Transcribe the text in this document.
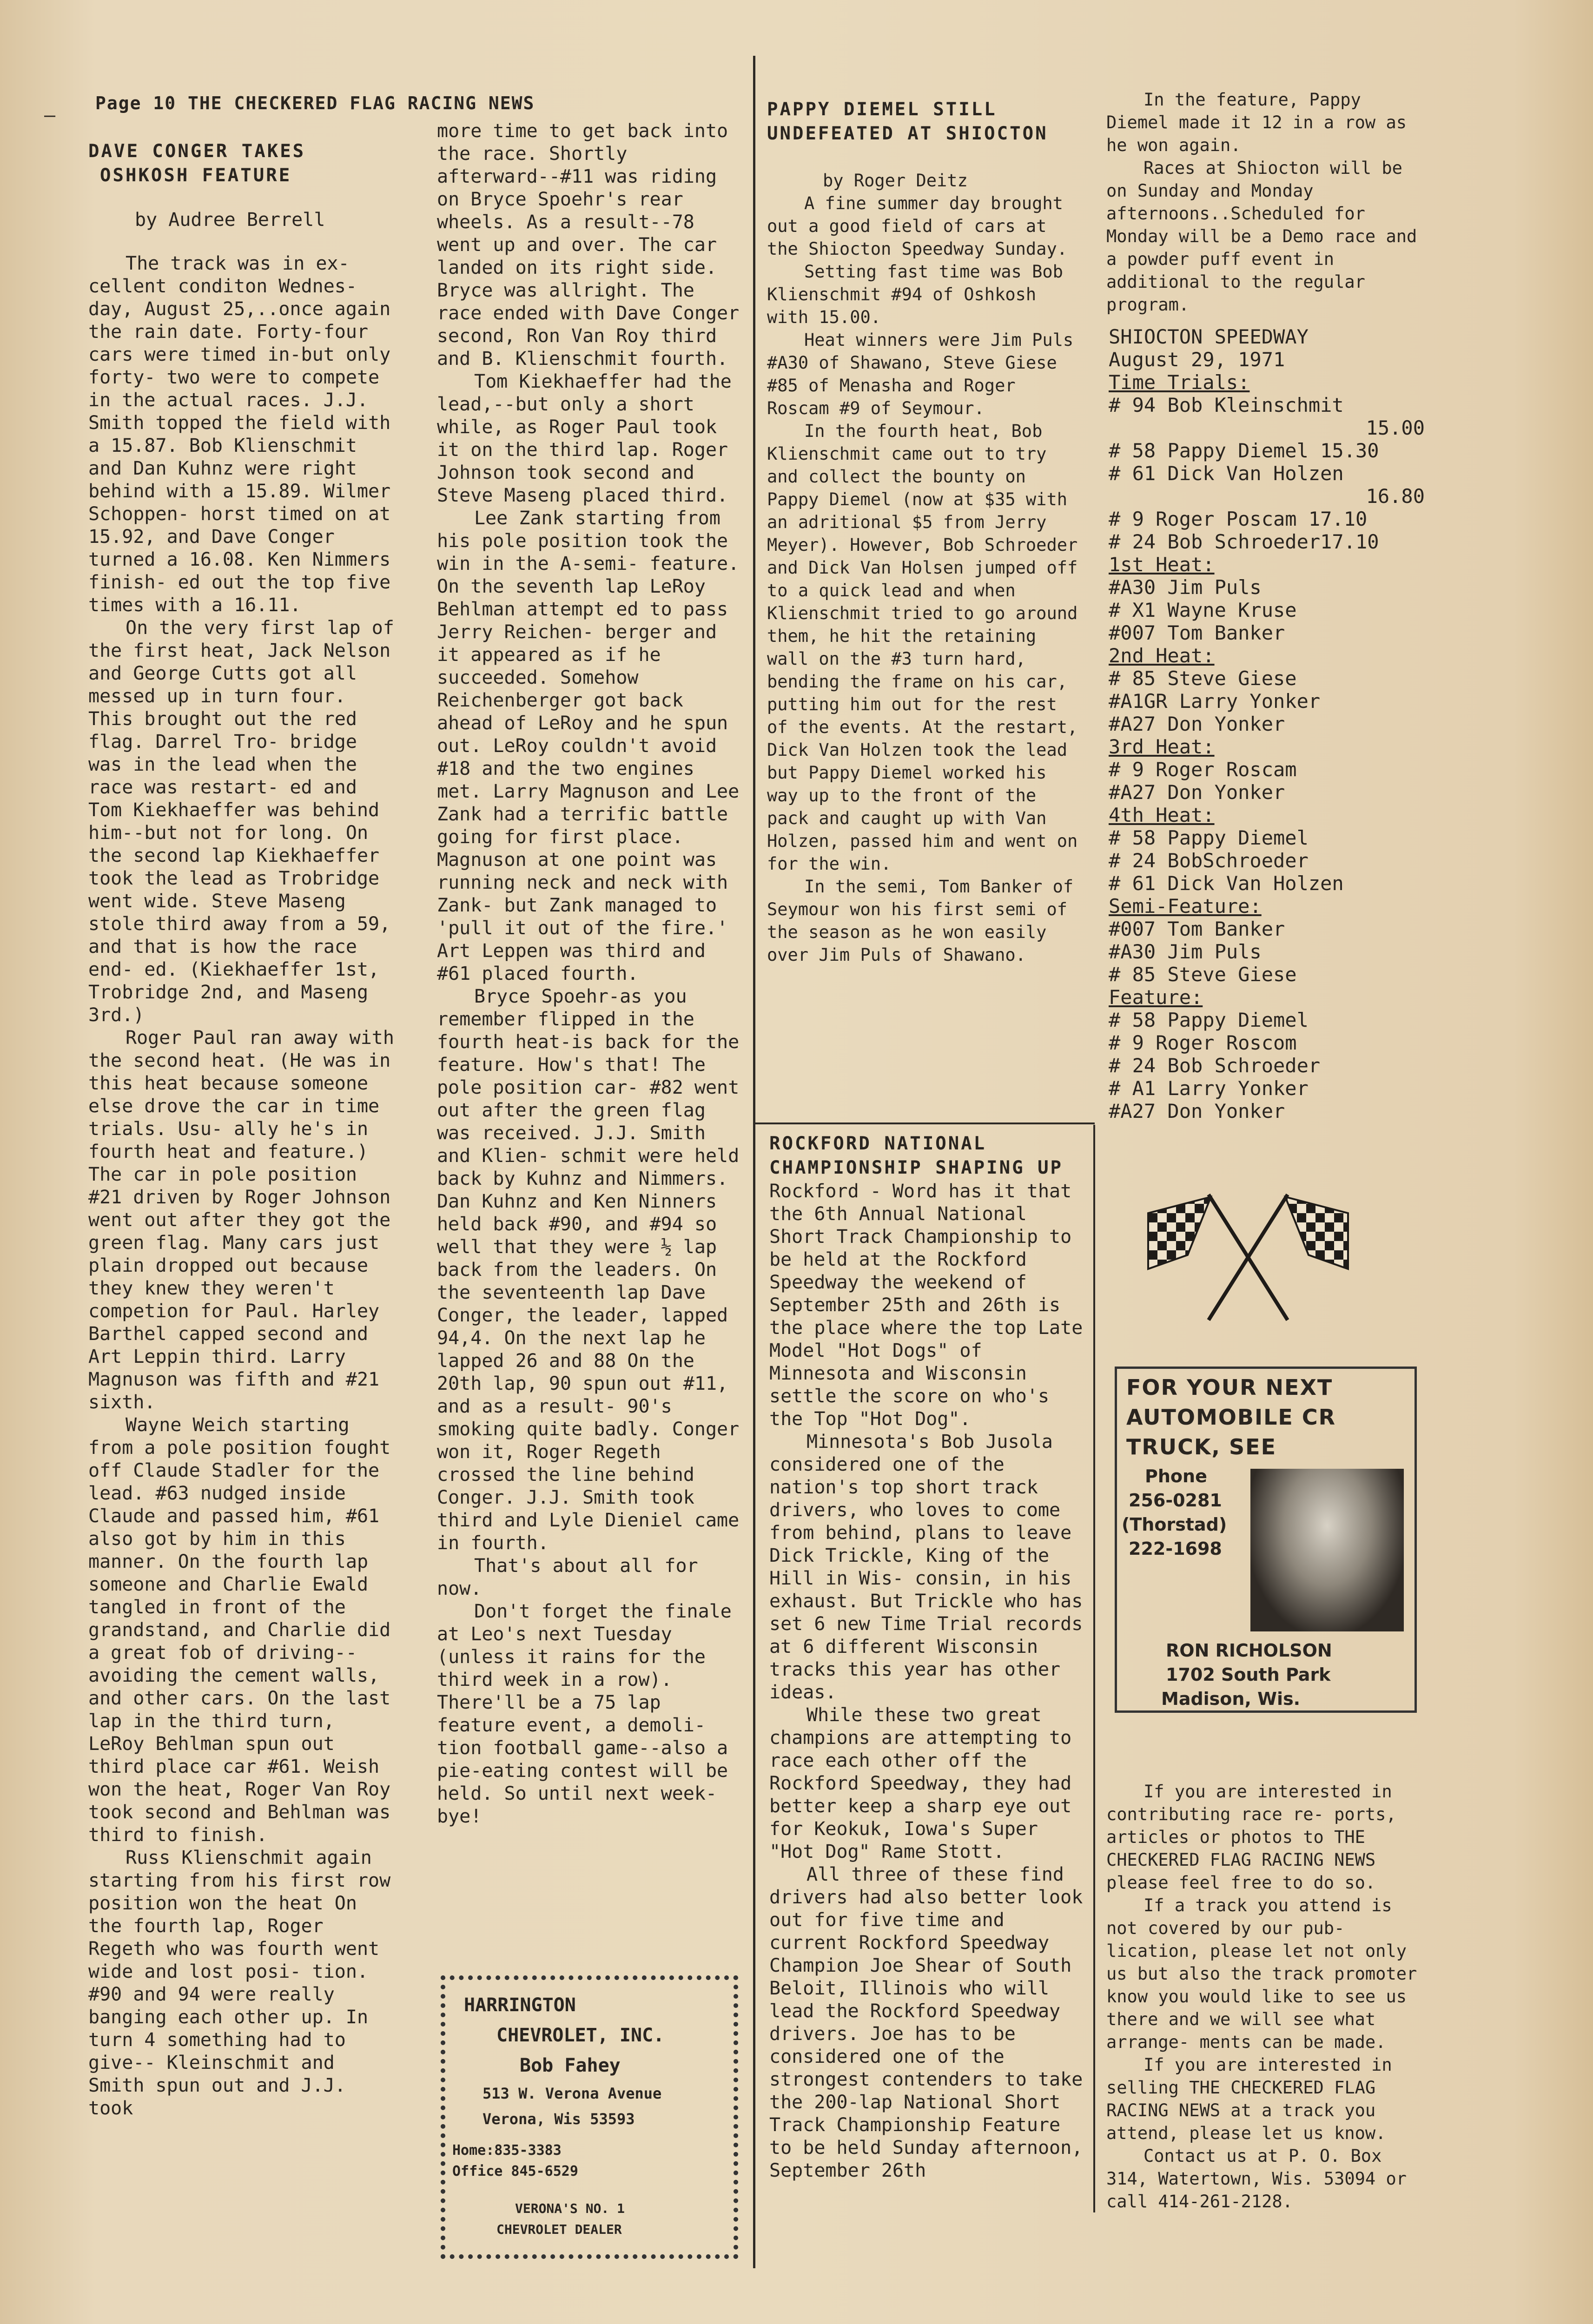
–
Page 10 THE CHECKERED FLAG RACING NEWS

DAVE CONGER TAKES

OSHKOSH FEATURE

by Audree Berrell

The track was in ex- cellent conditon Wednes- day, August 25,..once again the rain date. Forty-four cars were timed in-but only forty- two were to compete in the actual races. J.J. Smith topped the field with a 15.87. Bob Klienschmit and Dan Kuhnz were right behind with a 15.89. Wilmer Schoppen- horst timed on at 15.92, and Dave Conger turned a 16.08. Ken Nimmers finish- ed out the top five times with a 16.11.

On the very first lap of the first heat, Jack Nelson and George Cutts got all messed up in turn four. This brought out the red flag. Darrel Tro- bridge was in the lead when the race was restart- ed and Tom Kiekhaeffer was behind him--but not for long. On the second lap Kiekhaeffer took the lead as Trobridge went wide. Steve Maseng stole third away from a 59, and that is how the race end- ed. (Kiekhaeffer 1st, Trobridge 2nd, and Maseng 3rd.)

Roger Paul ran away with the second heat. (He was in this heat because someone else drove the car in time trials. Usu- ally he's in fourth heat and feature.) The car in pole position #21 driven by Roger Johnson went out after they got the green flag. Many cars just plain dropped out because they knew they weren't competion for Paul. Harley Barthel capped second and Art Leppin third. Larry Magnuson was fifth and #21 sixth.

Wayne Weich starting from a pole position fought off Claude Stadler for the lead. #63 nudged inside Claude and passed him, #61 also got by him in this manner. On the fourth lap someone and Charlie Ewald tangled in front of the grandstand, and Charlie did a great fob of driving--avoiding the cement walls, and other cars. On the last lap in the third turn, LeRoy Behlman spun out third place car #61. Weish won the heat, Roger Van Roy took second and Behlman was third to finish.

Russ Klienschmit again starting from his first row position won the heat On the fourth lap, Roger Regeth who was fourth went wide and lost posi- tion. #90 and 94 were really banging each other up. In turn 4 something had to give-- Kleinschmit and Smith spun out and J.J. took

more time to get back into the race. Shortly afterward--#11 was riding on Bryce Spoehr's rear wheels. As a result--78 went up and over. The car landed on its right side. Bryce was allright. The race ended with Dave Conger second, Ron Van Roy third and B. Klienschmit fourth.

Tom Kiekhaeffer had the lead,--but only a short while, as Roger Paul took it on the third lap. Roger Johnson took second and Steve Maseng placed third.

Lee Zank starting from his pole position took the win in the A-semi- feature. On the seventh lap LeRoy Behlman attempt ed to pass Jerry Reichen- berger and it appeared as if he succeeded. Somehow Reichenberger got back ahead of LeRoy and he spun out. LeRoy couldn't avoid #18 and the two engines met. Larry Magnuson and Lee Zank had a terrific battle going for first place. Magnuson at one point was running neck and neck with Zank- but Zank managed to 'pull it out of the fire.' Art Leppen was third and #61 placed fourth.

Bryce Spoehr-as you remember flipped in the fourth heat-is back for the feature. How's that! The pole position car- #82 went out after the green flag was received. J.J. Smith and Klien- schmit were held back by Kuhnz and Nimmers. Dan Kuhnz and Ken Ninners held back #90, and #94 so well that they were ½ lap back from the leaders. On the seventeenth lap Dave Conger, the leader, lapped 94,4. On the next lap he lapped 26 and 88 On the 20th lap, 90 spun out #11, and as a result- 90's smoking quite badly. Conger won it, Roger Regeth crossed the line behind Conger. J.J. Smith took third and Lyle Dieniel came in fourth.

That's about all for now.

Don't forget the finale at Leo's next Tuesday (unless it rains for the third week in a row). There'll be a 75 lap feature event, a demoli- tion football game--also a pie-eating contest will be held. So until next week-bye!

HARRINGTON
CHEVROLET, INC.
Bob Fahey
513 W. Verona Avenue
Verona, Wis 53593
Home:835-3383
Office 845-6529
VERONA'S NO. 1
CHEVROLET DEALER

PAPPY DIEMEL STILL

UNDEFEATED AT SHIOCTON

by Roger Deitz

A fine summer day brought out a good field of cars at the Shiocton Speedway Sunday.

Setting fast time was Bob Klienschmit #94 of Oshkosh with 15.00.

Heat winners were Jim Puls #A30 of Shawano, Steve Giese #85 of Menasha and Roger Roscam #9 of Seymour.

In the fourth heat, Bob Klienschmit came out to try and collect the bounty on Pappy Diemel (now at $35 with an adritional $5 from Jerry Meyer). However, Bob Schroeder and Dick Van Holsen jumped off to a quick lead and when Klienschmit tried to go around them, he hit the retaining wall on the #3 turn hard, bending the frame on his car, putting him out for the rest of the events. At the restart, Dick Van Holzen took the lead but Pappy Diemel worked his way up to the front of the pack and caught up with Van Holzen, passed him and went on for the win.

In the semi, Tom Banker of Seymour won his first semi of the season as he won easily over Jim Puls of Shawano.

ROCKFORD NATIONAL

CHAMPIONSHIP SHAPING UP

Rockford - Word has it that the 6th Annual National Short Track Championship to be held at the Rockford Speedway the weekend of September 25th and 26th is the place where the top Late Model "Hot Dogs" of Minnesota and Wisconsin settle the score on who's the Top "Hot Dog".

Minnesota's Bob Jusola considered one of the nation's top short track drivers, who loves to come from behind, plans to leave Dick Trickle, King of the Hill in Wis- consin, in his exhaust. But Trickle who has set 6 new Time Trial records at 6 different Wisconsin tracks this year has other ideas.

While these two great champions are attempting to race each other off the Rockford Speedway, they had better keep a sharp eye out for Keokuk, Iowa's Super "Hot Dog" Rame Stott.

All three of these find drivers had also better look out for five time and current Rockford Speedway Champion Joe Shear of South Beloit, Illinois who will lead the Rockford Speedway drivers. Joe has to be considered one of the strongest contenders to take the 200-lap National Short Track Championship Feature to be held Sunday afternoon, September 26th

In the feature, Pappy Diemel made it 12 in a row as he won again.

Races at Shiocton will be on Sunday and Monday afternoons..Scheduled for Monday will be a Demo race and a powder puff event in additional to the regular program.

SHIOCTON SPEEDWAY
August 29, 1971
Time Trials:
# 94 Bob Kleinschmit
15.00
# 58 Pappy Diemel 15.30
# 61 Dick Van Holzen
16.80
# 9 Roger Poscam 17.10
# 24 Bob Schroeder17.10
1st Heat:
#A30 Jim Puls
# X1 Wayne Kruse
#007 Tom Banker
2nd Heat:
# 85 Steve Giese
#A1GR Larry Yonker
#A27 Don Yonker
3rd Heat:
# 9 Roger Roscam
#A27 Don Yonker
4th Heat:
# 58 Pappy Diemel
# 24 BobSchroeder
# 61 Dick Van Holzen
Semi-Feature:
#007 Tom Banker
#A30 Jim Puls
# 85 Steve Giese
Feature:
# 58 Pappy Diemel
# 9 Roger Roscom
# 24 Bob Schroeder
# A1 Larry Yonker
#A27 Don Yonker
FOR YOUR NEXT
AUTOMOBILE CR
TRUCK, SEE
Phone
256-0281
(Thorstad)
222-1698
RON RICHOLSON
1702 South Park
Madison, Wis.

If you are interested in contributing race re- ports, articles or photos to THE CHECKERED FLAG RACING NEWS please feel free to do so.

If a track you attend is not covered by our pub- lication, please let not only us but also the track promoter know you would like to see us there and we will see what arrange- ments can be made.

If you are interested in selling THE CHECKERED FLAG RACING NEWS at a track you attend, please let us know.

Contact us at P. O. Box 314, Watertown, Wis. 53094 or call 414-261-2128.
